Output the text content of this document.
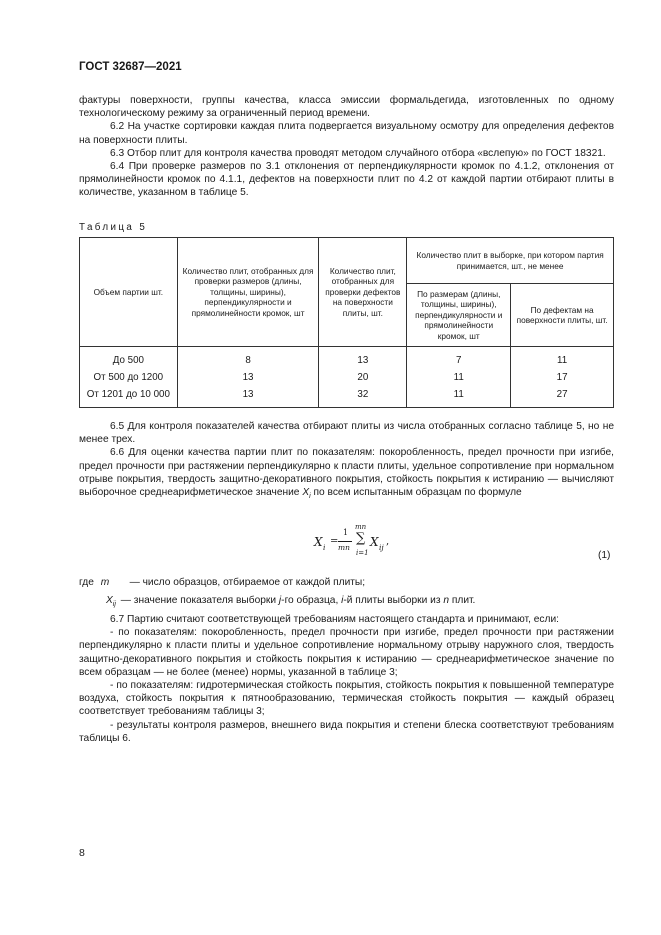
ГОСТ 32687—2021

фактуры поверхности, группы качества, класса эмиссии формальдегида, изготовленных по одному технологическому режиму за ограниченный период времени.

6.2 На участке сортировки каждая плита подвергается визуальному осмотру для определения дефектов на поверхности плиты.

6.3 Отбор плит для контроля качества проводят методом случайного отбора «вслепую» по ГОСТ 18321.

6.4 При проверке размеров по 3.1 отклонения от перпендикулярности кромок по 4.1.2, отклонения от прямолинейности кромок по 4.1.1, дефектов на поверхности плит по 4.2 от каждой партии отбирают плиты в количестве, указанном в таблице 5.

Таблица 5
Объем партии шт.	Количество плит, отобранных для проверки размеров (длины, толщины, ширины), перпендикулярности и прямолинейности кромок, шт	Количество плит, отобранных для проверки дефектов на поверхности плиты, шт.	Количество плит в выборке, при котором партия принимается, шт., не менее	
			По размерам (длины, толщины, ширины), перпендикулярности и прямолинейности кромок, шт	По дефектам на поверхности плиты, шт.
До 500	8	13	7	11
От 500 до 1200	13	20	11	17
От 1201 до 10 000	13	32	11	27

6.5 Для контроля показателей качества отбирают плиты из числа отобранных согласно таблице 5, но не менее трех.

6.6 Для оценки качества партии плит по показателям: покоробленность, предел прочности при изгибе, предел прочности при растяжении перпендикулярно к пласти плиты, удельное сопротивление при нормальном отрыве покрытия, твердость защитно-декоративного покрытия, стойкость покрытия к истиранию — вычисляют выборочное среднеарифметическое значение $X_i$ по всем испытанным образцам по формуле

X i
=
1
mn
mn
∑
i=1
X ij
,
(1)
где m — число образцов, отбираемое от каждой плиты;
$X_{ij}$ — значение показателя выборки j-го образца, i-й плиты выборки из n плит.

6.7 Партию считают соответствующей требованиям настоящего стандарта и принимают, если:

- по показателям: покоробленность, предел прочности при изгибе, предел прочности при растяжении перпендикулярно к пласти плиты и удельное сопротивление нормальному отрыву наружного слоя, твердость защитно-декоративного покрытия и стойкость покрытия к истиранию — среднеарифметическое значение по всем образцам — не более (менее) нормы, указанной в таблице 3;

- по показателям: гидротермическая стойкость покрытия, стойкость покрытия к повышенной температуре воздуха, стойкость покрытия к пятнообразованию, термическая стойкость покрытия — каждый образец соответствует требованиям таблицы 3;

- результаты контроля размеров, внешнего вида покрытия и степени блеска соответствуют требованиям таблицы 6.

8
